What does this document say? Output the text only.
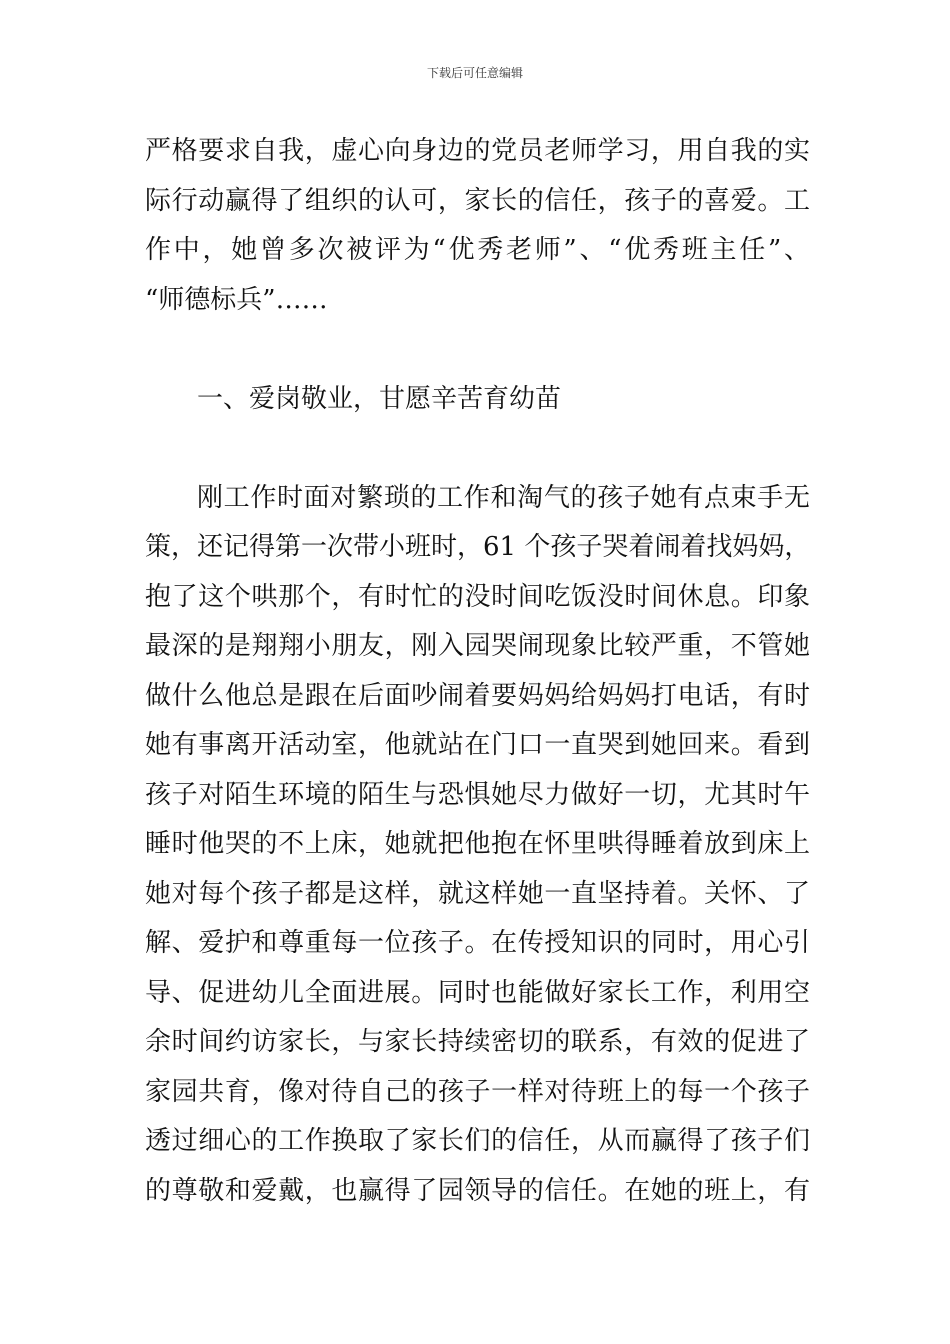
下载后可任意编辑
严格要求自我，虚心向身边的党员老师学习，用自我的实
际行动赢得了组织的认可，家长的信任，孩子的喜爱。工
作中，她曾多次被评为“优秀老师”、“优秀班主任”、
“师德标兵”……
一、爱岗敬业，甘愿辛苦育幼苗
刚工作时面对繁琐的工作和淘气的孩子她有点束手无
策，还记得第一次带小班时，61 个孩子哭着闹着找妈妈，
抱了这个哄那个，有时忙的没时间吃饭没时间休息。印象
最深的是翔翔小朋友，刚入园哭闹现象比较严重，不管她
做什么他总是跟在后面吵闹着要妈妈给妈妈打电话，有时
她有事离开活动室，他就站在门口一直哭到她回来。看到
孩子对陌生环境的陌生与恐惧她尽力做好一切，尤其时午
睡时他哭的不上床，她就把他抱在怀里哄得睡着放到床上
她对每个孩子都是这样，就这样她一直坚持着。关怀、了
解、爱护和尊重每一位孩子。在传授知识的同时，用心引
导、促进幼儿全面进展。同时也能做好家长工作，利用空
余时间约访家长，与家长持续密切的联系，有效的促进了
家园共育，像对待自己的孩子一样对待班上的每一个孩子
透过细心的工作换取了家长们的信任，从而赢得了孩子们
的尊敬和爱戴，也赢得了园领导的信任。在她的班上，有
